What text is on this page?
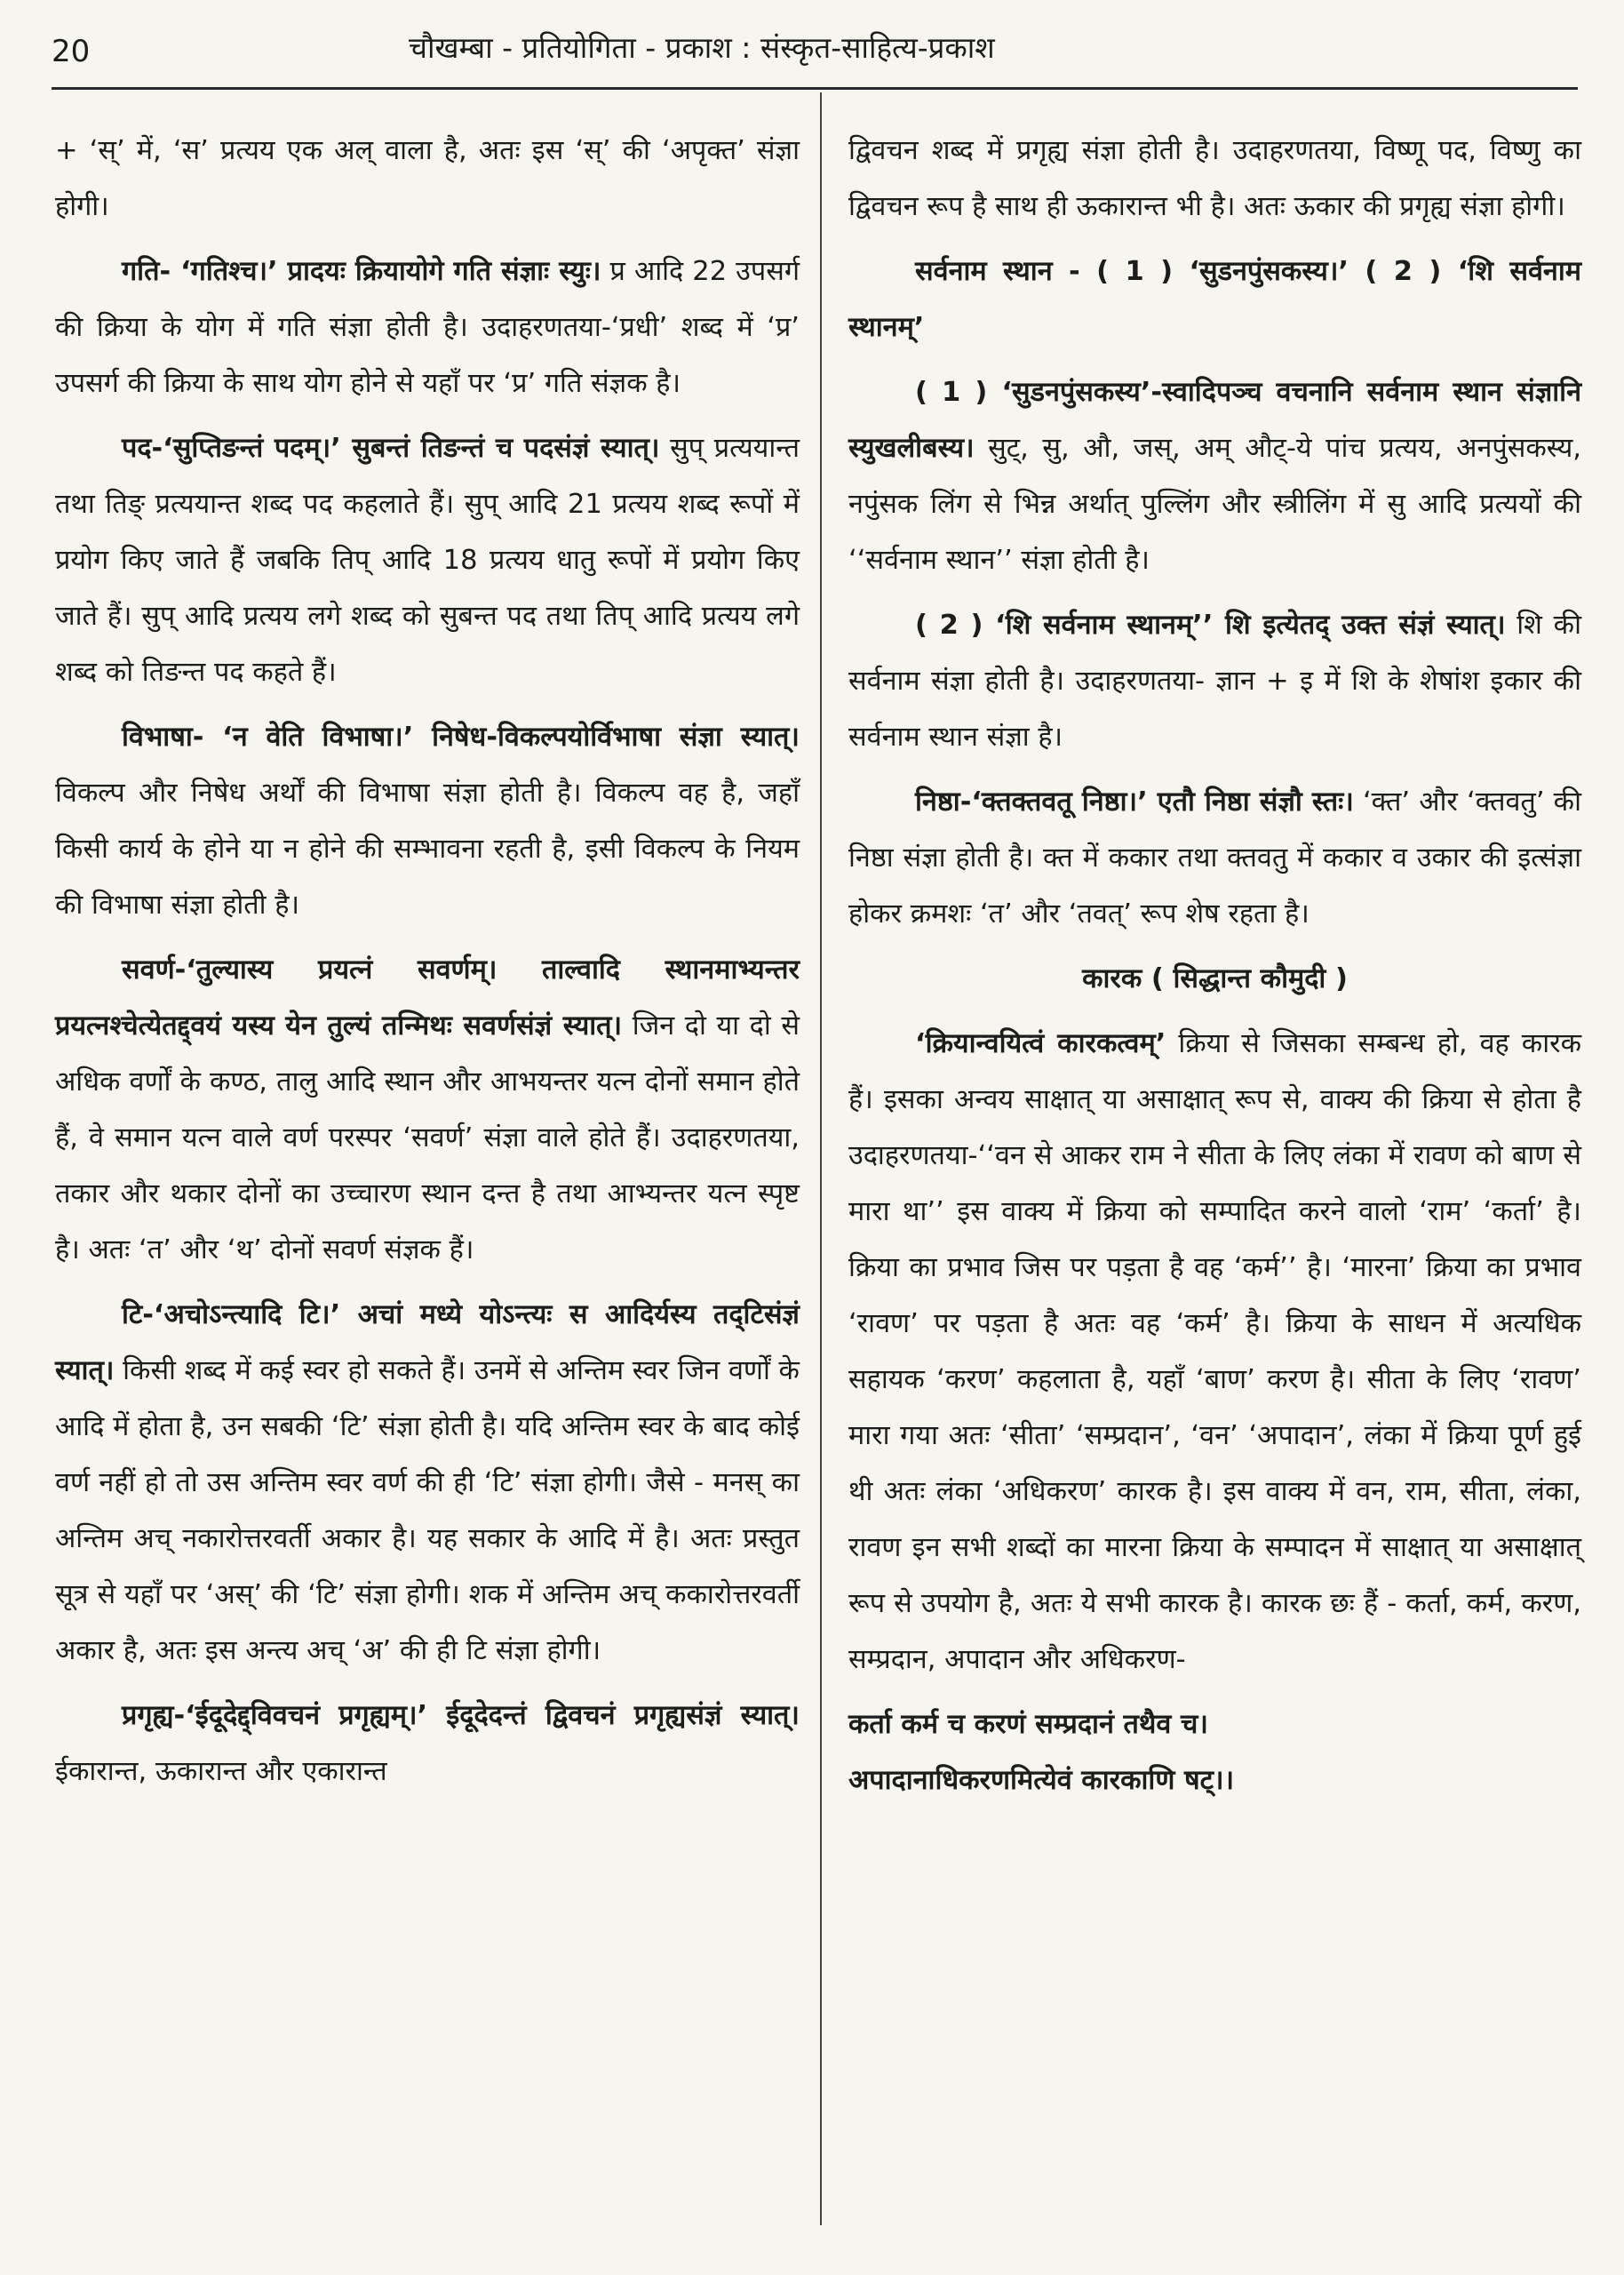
20	चौखम्बा - प्रतियोगिता - प्रकाश : संस्कृत-साहित्य-प्रकाश

+ ‘स्’ में, ‘स’ प्रत्यय एक अल् वाला है, अतः इस ‘स्’ की ‘अपृक्त’ संज्ञा होगी।

गति- ‘गतिश्च।’ प्रादयः क्रियायोगे गति संज्ञाः स्युः। प्र आदि 22 उपसर्ग की क्रिया के योग में गति संज्ञा होती है। उदाहरणतया-‘प्रधी’ शब्द में ‘प्र’ उपसर्ग की क्रिया के साथ योग होने से यहाँ पर ‘प्र’ गति संज्ञक है।

पद-‘सुप्तिङन्तं पदम्।’ सुबन्तं तिङन्तं च पदसंज्ञं स्यात्। सुप् प्रत्ययान्त तथा तिङ् प्रत्ययान्त शब्द पद कहलाते हैं। सुप् आदि 21 प्रत्यय शब्द रूपों में प्रयोग किए जाते हैं जबकि तिप् आदि 18 प्रत्यय धातु रूपों में प्रयोग किए जाते हैं। सुप् आदि प्रत्यय लगे शब्द को सुबन्त पद तथा तिप् आदि प्रत्यय लगे शब्द को तिङन्त पद कहते हैं।

विभाषा- ‘न वेति विभाषा।’ निषेध-विकल्पयोर्विभाषा संज्ञा स्यात्। विकल्प और निषेध अर्थों की विभाषा संज्ञा होती है। विकल्प वह है, जहाँ किसी कार्य के होने या न होने की सम्भावना रहती है, इसी विकल्प के नियम की विभाषा संज्ञा होती है।

सवर्ण-‘तुल्यास्य प्रयत्नं सवर्णम्। ताल्वादि स्थानमाभ्यन्तर प्रयत्नश्चेत्येतद्द्वयं यस्य येन तुल्यं तन्मिथः सवर्णसंज्ञं स्यात्। जिन दो या दो से अधिक वर्णों के कण्ठ, तालु आदि स्थान और आभयन्तर यत्न दोनों समान होते हैं, वे समान यत्न वाले वर्ण परस्पर ‘सवर्ण’ संज्ञा वाले होते हैं। उदाहरणतया, तकार और थकार दोनों का उच्चारण स्थान दन्त है तथा आभ्यन्तर यत्न स्पृष्ट है। अतः ‘त’ और ‘थ’ दोनों सवर्ण संज्ञक हैं।

टि-‘अचोऽन्त्यादि टि।’ अचां मध्ये योऽन्त्यः स आदिर्यस्य तद्टिसंज्ञं स्यात्। किसी शब्द में कई स्वर हो सकते हैं। उनमें से अन्तिम स्वर जिन वर्णों के आदि में होता है, उन सबकी ‘टि’ संज्ञा होती है। यदि अन्तिम स्वर के बाद कोई वर्ण नहीं हो तो उस अन्तिम स्वर वर्ण की ही ‘टि’ संज्ञा होगी। जैसे - मनस् का अन्तिम अच् नकारोत्तरवर्ती अकार है। यह सकार के आदि में है। अतः प्रस्तुत सूत्र से यहाँ पर ‘अस्’ की ‘टि’ संज्ञा होगी। शक में अन्तिम अच् ककारोत्तरवर्ती अकार है, अतः इस अन्त्य अच् ‘अ’ की ही टि संज्ञा होगी।

प्रगृह्य-‘ईदूदेद्द्विवचनं प्रगृह्यम्।’ ईदूदेदन्तं द्विवचनं प्रगृह्यसंज्ञं स्यात्। ईकारान्त, ऊकारान्त और एकारान्त

द्विवचन शब्द में प्रगृह्य संज्ञा होती है। उदाहरणतया, विष्णू पद, विष्णु का द्विवचन रूप है साथ ही ऊकारान्त भी है। अतः ऊकार की प्रगृह्य संज्ञा होगी।

सर्वनाम स्थान - ( 1 ) ‘सुडनपुंसकस्य।’ ( 2 ) ‘शि सर्वनाम स्थानम्’

( 1 ) ‘सुडनपुंसकस्य’-स्वादिपञ्च वचनानि सर्वनाम स्थान संज्ञानि स्युखलीबस्य। सुट्, सु, औ, जस्, अम् औट्-ये पांच प्रत्यय, अनपुंसकस्य, नपुंसक लिंग से भिन्न अर्थात् पुल्लिंग और स्त्रीलिंग में सु आदि प्रत्ययों की ‘‘सर्वनाम स्थान’’ संज्ञा होती है।

( 2 ) ‘शि सर्वनाम स्थानम्’’ शि इत्येतद् उक्त संज्ञं स्यात्। शि की सर्वनाम संज्ञा होती है। उदाहरणतया- ज्ञान + इ में शि के शेषांश इकार की सर्वनाम स्थान संज्ञा है।

निष्ठा-‘क्तक्तवतू निष्ठा।’ एतौ निष्ठा संज्ञौ स्तः। ‘क्त’ और ‘क्तवतु’ की निष्ठा संज्ञा होती है। क्त में ककार तथा क्तवतु में ककार व उकार की इत्संज्ञा होकर क्रमशः ‘त’ और ‘तवत्’ रूप शेष रहता है।

कारक ( सिद्धान्त कौमुदी )

‘क्रियान्वयित्वं कारकत्वम्’ क्रिया से जिसका सम्बन्ध हो, वह कारक हैं। इसका अन्वय साक्षात् या असाक्षात् रूप से, वाक्य की क्रिया से होता है उदाहरणतया-‘‘वन से आकर राम ने सीता के लिए लंका में रावण को बाण से मारा था’’ इस वाक्य में क्रिया को सम्पादित करने वालो ‘राम’ ‘कर्ता’ है। क्रिया का प्रभाव जिस पर पड़ता है वह ‘कर्म’’ है। ‘मारना’ क्रिया का प्रभाव ‘रावण’ पर पड़ता है अतः वह ‘कर्म’ है। क्रिया के साधन में अत्यधिक सहायक ‘करण’ कहलाता है, यहाँ ‘बाण’ करण है। सीता के लिए ‘रावण’ मारा गया अतः ‘सीता’ ‘सम्प्रदान’, ‘वन’ ‘अपादान’, लंका में क्रिया पूर्ण हुई थी अतः लंका ‘अधिकरण’ कारक है। इस वाक्य में वन, राम, सीता, लंका, रावण इन सभी शब्दों का मारना क्रिया के सम्पादन में साक्षात् या असाक्षात् रूप से उपयोग है, अतः ये सभी कारक है। कारक छः हैं - कर्ता, कर्म, करण, सम्प्रदान, अपादान और अधिकरण-

कर्ता कर्म च करणं सम्प्रदानं तथैव च।

अपादानाधिकरणमित्येवं कारकाणि षट्।।
